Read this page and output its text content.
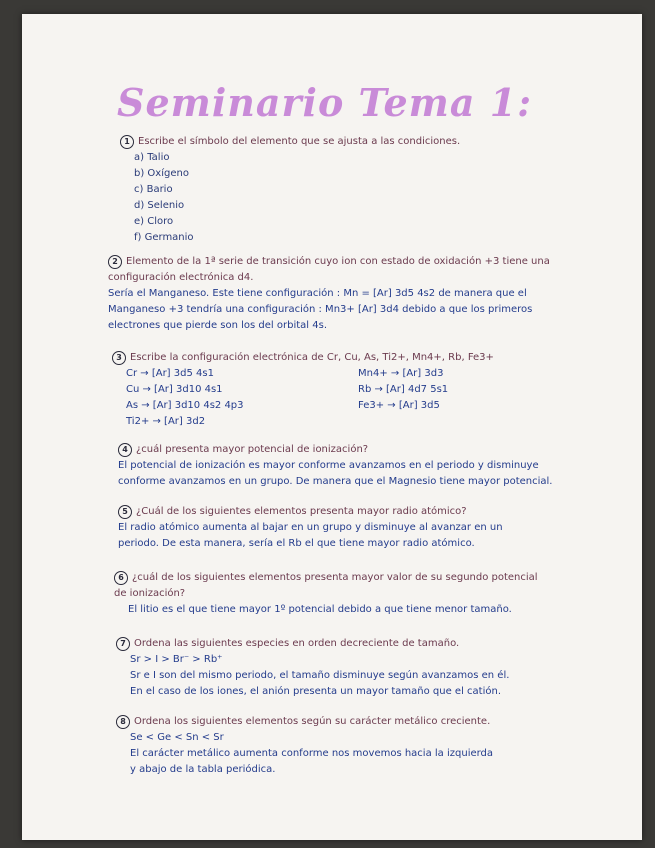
Seminario Tema 1:
1 Escribe el símbolo del elemento que se ajusta a las condiciones.
a) Talio
b) Oxígeno
c) Bario
d) Selenio
e) Cloro
f) Germanio
2 Elemento de la 1ª serie de transición cuyo ion con estado de oxidación +3 tiene una
configuración electrónica d4.
Sería el Manganeso. Este tiene configuración : Mn = [Ar] 3d5 4s2 de manera que el
Manganeso +3 tendría una configuración : Mn3+ [Ar] 3d4 debido a que los primeros
electrones que pierde son los del orbital 4s.
3 Escribe la configuración electrónica de Cr, Cu, As, Ti2+, Mn4+, Rb, Fe3+
Cr → [Ar] 3d5 4s1	Mn4+ → [Ar] 3d3
Cu → [Ar] 3d10 4s1	Rb → [Ar] 4d7 5s1
As → [Ar] 3d10 4s2 4p3	Fe3+ → [Ar] 3d5
Ti2+ → [Ar] 3d2
4 ¿cuál presenta mayor potencial de ionización?
El potencial de ionización es mayor conforme avanzamos en el periodo y disminuye
conforme avanzamos en un grupo. De manera que el Magnesio tiene mayor potencial.
5 ¿Cuál de los siguientes elementos presenta mayor radio atómico?
El radio atómico aumenta al bajar en un grupo y disminuye al avanzar en un
periodo. De esta manera, sería el Rb el que tiene mayor radio atómico.
6 ¿cuál de los siguientes elementos presenta mayor valor de su segundo potencial
de ionización?
El litio es el que tiene mayor 1º potencial debido a que tiene menor tamaño.
7 Ordena las siguientes especies en orden decreciente de tamaño.
Sr > I > Br⁻ > Rb⁺
Sr e I son del mismo periodo, el tamaño disminuye según avanzamos en él.
En el caso de los iones, el anión presenta un mayor tamaño que el catión.
8 Ordena los siguientes elementos según su carácter metálico creciente.
Se < Ge < Sn < Sr
El carácter metálico aumenta conforme nos movemos hacia la izquierda
y abajo de la tabla periódica.
